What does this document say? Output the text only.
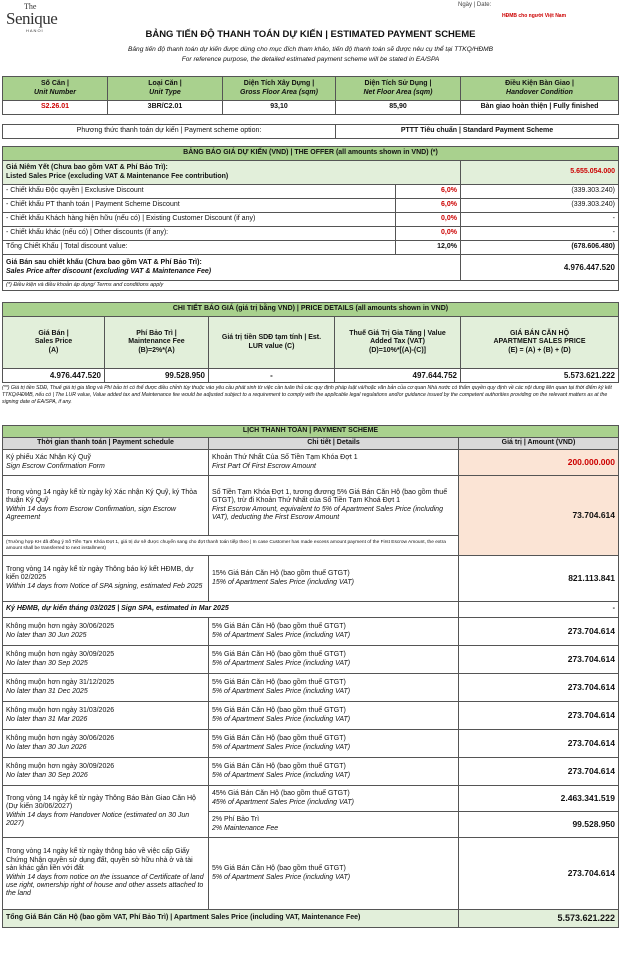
The
Senique
HANOI
Ngày | Date:
HĐMB cho người Việt Nam
BẢNG TIẾN ĐỘ THANH TOÁN DỰ KIẾN | ESTIMATED PAYMENT SCHEME
Bảng tiến độ thanh toán dự kiến được dùng cho mục đích tham khảo, tiến độ thanh toán sẽ được nêu cụ thể tại TTKQ/HĐMB
For reference purpose, the detailed estimated payment scheme will be stated in EA/SPA
Số Căn |
Unit Number	Loại Căn |
Unit Type	Diện Tích Xây Dựng |
Gross Floor Area (sqm)	Diện Tích Sử Dụng |
Net Floor Area (sqm)	Điều Kiện Bàn Giao |
Handover Condition
S2.26.01	3BR/C2.01	93,10	85,90	Bàn giao hoàn thiện | Fully finished
Phương thức thanh toán dự kiến | Payment scheme option:	PTTT Tiêu chuẩn | Standard Payment Scheme
BẢNG BÁO GIÁ DỰ KIẾN (VND) | THE OFFER (all amounts shown in VND) (*)		
Giá Niêm Yết (Chưa bao gồm VAT & Phí Bảo Trì):
Listed Sales Price (excluding VAT & Maintenance Fee contribution)		5.655.054.000
- Chiết khấu Độc quyền | Exclusive Discount	6,0%	(339.303.240)
- Chiết khấu PT thanh toán | Payment Scheme Discount	6,0%	(339.303.240)
- Chiết khấu Khách hàng hiện hữu (nếu có) | Existing Customer Discount (if any)	0,0%	-
- Chiết khấu khác (nếu có) | Other discounts (if any):	0,0%	-
Tổng Chiết Khấu | Total discount value:	12,0%	(678.606.480)
Giá Bán sau chiết khấu (Chưa bao gồm VAT & Phí Bảo Trì):
Sales Price after discount (excluding VAT & Maintenance Fee)		4.976.447.520
(*) Điều kiện và điều khoản áp dụng/ Terms and conditions apply		
CHI TIẾT BÁO GIÁ (giá trị bằng VND) | PRICE DETAILS (all amounts shown in VND)				
Giá Bán |
Sales Price
(A)	Phí Bảo Trì |
Maintenance Fee
(B)=2%*(A)	Giá trị tiền SDĐ tạm tính | Est.
LUR value (C)	Thuế Giá Trị Gia Tăng | Value
Added Tax (VAT)
(D)=10%*[(A)-(C)]	GIÁ BÁN CĂN HỘ
APARTMENT SALES PRICE
(E) = (A) + (B) + (D)
4.976.447.520	99.528.950	-	497.644.752	5.573.621.222
(**) Giá trị tiền SDĐ, Thuế giá trị gia tăng và Phí bảo trì có thể được điều chỉnh tùy thuộc vào yêu cầu phát sinh từ việc cần tuân thủ các quy định pháp luật và/hoặc văn bản của cơ quan Nhà nước có thẩm quyền quy định về các nội dung liên quan tại thời điểm ký kết TTKQ/HĐMB, nếu có | The LUR value, Value added tax and Maintenance fee would be adjusted subject to a requirement to comply with the applicable legal regulations and/or guidance issued by the competent authorities providing on the relevant matters as at the signing date of EA/SPA, if any.
LỊCH THANH TOÁN | PAYMENT SCHEME		
Thời gian thanh toán | Payment schedule	Chi tiết | Details	Giá trị | Amount (VND)
Ký phiếu Xác Nhận Ký Quỹ
Sign Escrow Confirmation Form	Khoản Thứ Nhất Của Số Tiền Tạm Khóa Đợt 1
First Part Of First Escrow Amount	200.000.000
Trong vòng 14 ngày kể từ ngày ký Xác nhận Ký Quỹ, ký Thỏa thuận Ký Quỹ
Within 14 days from Escrow Confirmation, sign Escrow Agreement	Số Tiền Tạm Khóa Đợt 1, tương đương 5% Giá Bán Căn Hộ (bao gồm thuế GTGT), trừ đi Khoản Thứ Nhất của Số Tiền Tạm Khoá Đợt 1
First Escrow Amount, equivalent to 5% of Apartment Sales Price (including VAT), deducting the First Escrow Amount	73.704.614
(Trường hợp KH đã đồng ý Số Tiền Tạm Khóa Đợt 1, giá trị dư sẽ được chuyển sang cho đợt thanh toán tiếp theo | In case Customer has made excess amount payment of the First Escrow Amount, the extra amount shall be transferred to next installment)		
Trong vòng 14 ngày kể từ ngày Thông báo ký kết HĐMB, dự kiến 02/2025
Within 14 days from Notice of SPA signing, estimated Feb 2025	15% Giá Bán Căn Hộ (bao gồm thuế GTGT)
15% of Apartment Sales Price (including VAT)	821.113.841
Ký HĐMB, dự kiến tháng 03/2025 | Sign SPA, estimated in Mar 2025		-
Không muộn hơn ngày 30/06/2025
No later than 30 Jun 2025	5% Giá Bán Căn Hộ (bao gồm thuế GTGT)
5% of Apartment Sales Price (including VAT)	273.704.614
Không muộn hơn ngày 30/09/2025
No later than 30 Sep 2025	5% Giá Bán Căn Hộ (bao gồm thuế GTGT)
5% of Apartment Sales Price (including VAT)	273.704.614
Không muộn hơn ngày 31/12/2025
No later than 31 Dec 2025	5% Giá Bán Căn Hộ (bao gồm thuế GTGT)
5% of Apartment Sales Price (including VAT)	273.704.614
Không muộn hơn ngày 31/03/2026
No later than 31 Mar 2026	5% Giá Bán Căn Hộ (bao gồm thuế GTGT)
5% of Apartment Sales Price (including VAT)	273.704.614
Không muộn hơn ngày 30/06/2026
No later than 30 Jun 2026	5% Giá Bán Căn Hộ (bao gồm thuế GTGT)
5% of Apartment Sales Price (including VAT)	273.704.614
Không muộn hơn ngày 30/09/2026
No later than 30 Sep 2026	5% Giá Bán Căn Hộ (bao gồm thuế GTGT)
5% of Apartment Sales Price (including VAT)	273.704.614
Trong vòng 14 ngày kể từ ngày Thông Báo Bàn Giao Căn Hộ (Dự kiến 30/06/2027)
Within 14 days from Handover Notice (estimated on 30 Jun 2027)	45% Giá Bán Căn Hộ (bao gồm thuế GTGT)
45% of Apartment Sales Price (including VAT)	2.463.341.519
	2% Phí Bảo Trì
2% Maintenance Fee	99.528.950
Trong vòng 14 ngày kể từ ngày thông báo về việc cấp Giấy Chứng Nhận quyền sử dụng đất, quyền sở hữu nhà ở và tài sản khác gắn liền với đất
Within 14 days from notice on the issuance of Certificate of land use right, ownership right of house and other assets attached to the land	5% Giá Bán Căn Hộ (bao gồm thuế GTGT)
5% of Apartment Sales Price (including VAT)	273.704.614
Tổng Giá Bán Căn Hộ (bao gồm VAT, Phí Bảo Trì) | Apartment Sales Price (including VAT, Maintenance Fee)		5.573.621.222
